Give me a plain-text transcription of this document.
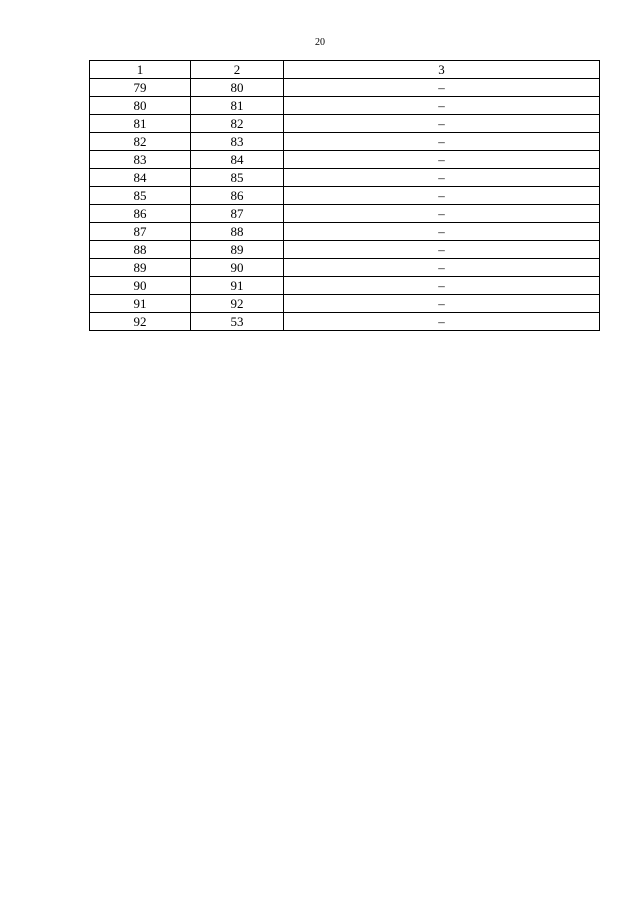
20
1	2	3
79	80	–
80	81	–
81	82	–
82	83	–
83	84	–
84	85	–
85	86	–
86	87	–
87	88	–
88	89	–
89	90	–
90	91	–
91	92	–
92	53	–
